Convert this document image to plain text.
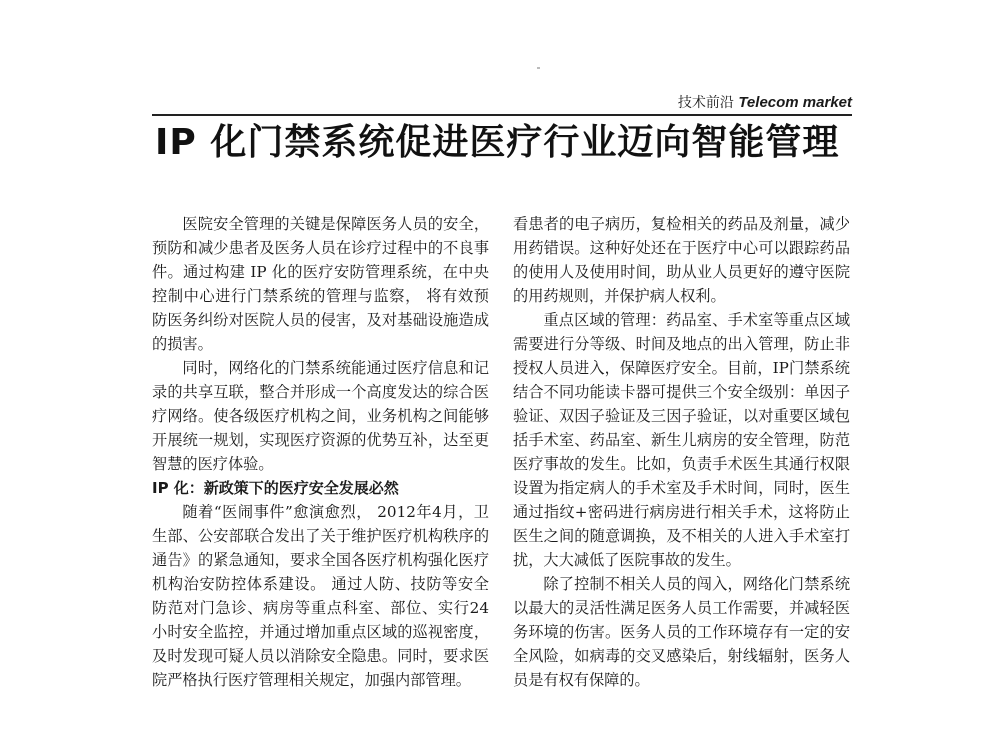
技术前沿 Telecom market
IP 化门禁系统促进医疗行业迈向智能管理

医院安全管理的关键是保障医务人员的安全，预防和减少患者及医务人员在诊疗过程中的不良事件。通过构建 IP 化的医疗安防管理系统，在中央控制中心进行门禁系统的管理与监察， 将有效预防医务纠纷对医院人员的侵害，及对基础设施造成的损害。

同时，网络化的门禁系统能通过医疗信息和记录的共享互联，整合并形成一个高度发达的综合医疗网络。使各级医疗机构之间，业务机构之间能够开展统一规划，实现医疗资源的优势互补，达至更智慧的医疗体验。

IP 化：新政策下的医疗安全发展必然

随着“医闹事件”愈演愈烈， 2012年4月，卫生部、公安部联合发出了关于维护医疗机构秩序的通告》的紧急通知，要求全国各医疗机构强化医疗机构治安防控体系建设。 通过人防、技防等安全防范对门急诊、病房等重点科室、部位、实行24 小时安全监控，并通过增加重点区域的巡视密度，及时发现可疑人员以消除安全隐患。同时，要求医院严格执行医疗管理相关规定，加强内部管理。

看患者的电子病历，复检相关的药品及剂量，减少用药错误。这种好处还在于医疗中心可以跟踪药品的使用人及使用时间，助从业人员更好的遵守医院的用药规则，并保护病人权利。

重点区域的管理：药品室、手术室等重点区域需要进行分等级、时间及地点的出入管理，防止非授权人员进入，保障医疗安全。目前，IP门禁系统结合不同功能读卡器可提供三个安全级别：单因子验证、双因子验证及三因子验证，以对重要区域包括手术室、药品室、新生儿病房的安全管理，防范医疗事故的发生。比如，负责手术医生其通行权限设置为指定病人的手术室及手术时间，同时，医生通过指纹+密码进行病房进行相关手术，这将防止医生之间的随意调换，及不相关的人进入手术室打扰，大大减低了医院事故的发生。

除了控制不相关人员的闯入，网络化门禁系统以最大的灵活性满足医务人员工作需要，并减轻医务环境的伤害。医务人员的工作环境存有一定的安全风险，如病毒的交叉感染后，射线辐射，医务人员是有权有保障的。
